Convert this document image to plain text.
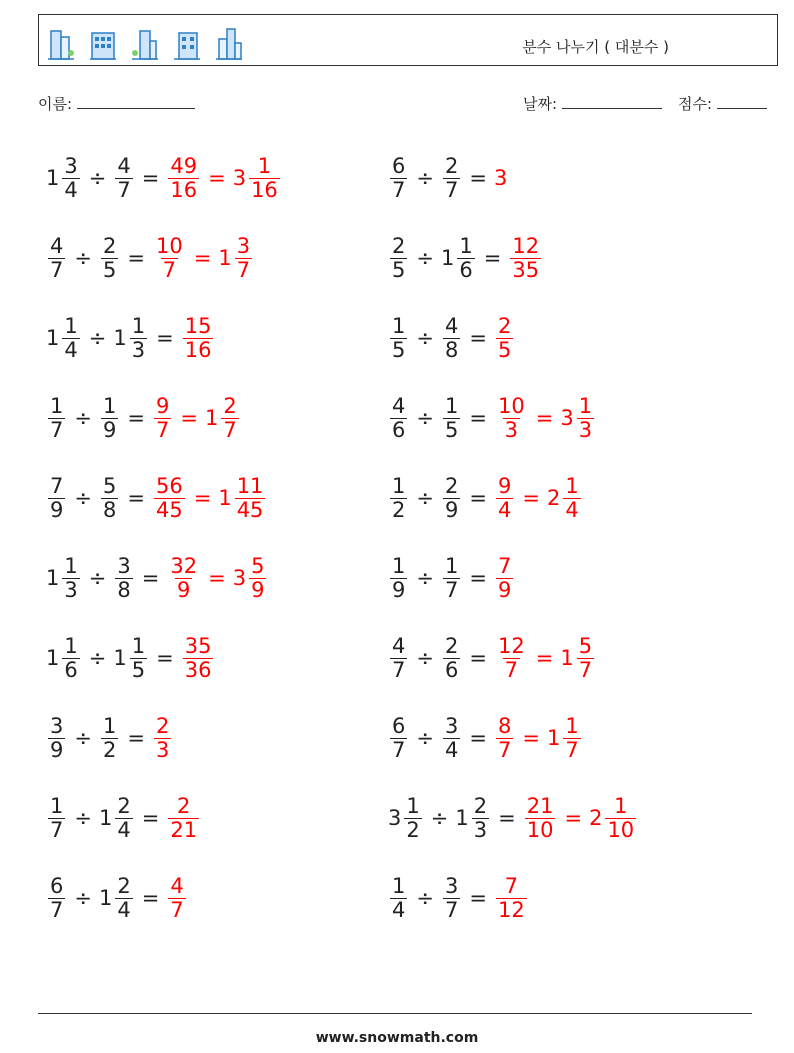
분수 나누기 ( 대분수 )
이름:	날짜:	점수:
$1 \frac{3}{4} \div \frac{4}{7} = \frac{49}{16} = 3 \frac{1}{16}$
$\frac{4}{7} \div \frac{2}{5} = \frac{10}{7} = 1 \frac{3}{7}$
$1 \frac{1}{4} \div 1 \frac{1}{3} = \frac{15}{16}$
$\frac{1}{7} \div \frac{1}{9} = \frac{9}{7} = 1 \frac{2}{7}$
$\frac{7}{9} \div \frac{5}{8} = \frac{56}{45} = 1 \frac{11}{45}$
$1 \frac{1}{3} \div \frac{3}{8} = \frac{32}{9} = 3 \frac{5}{9}$
$1 \frac{1}{6} \div 1 \frac{1}{5} = \frac{35}{36}$
$\frac{3}{9} \div \frac{1}{2} = \frac{2}{3}$
$\frac{1}{7} \div 1 \frac{2}{4} = \frac{2}{21}$
$\frac{6}{7} \div 1 \frac{2}{4} = \frac{4}{7}$
$\frac{6}{7} \div \frac{2}{7} = 3$
$\frac{2}{5} \div 1 \frac{1}{6} = \frac{12}{35}$
$\frac{1}{5} \div \frac{4}{8} = \frac{2}{5}$
$\frac{4}{6} \div \frac{1}{5} = \frac{10}{3} = 3 \frac{1}{3}$
$\frac{1}{2} \div \frac{2}{9} = \frac{9}{4} = 2 \frac{1}{4}$
$\frac{1}{9} \div \frac{1}{7} = \frac{7}{9}$
$\frac{4}{7} \div \frac{2}{6} = \frac{12}{7} = 1 \frac{5}{7}$
$\frac{6}{7} \div \frac{3}{4} = \frac{8}{7} = 1 \frac{1}{7}$
$3 \frac{1}{2} \div 1 \frac{2}{3} = \frac{21}{10} = 2 \frac{1}{10}$
$\frac{1}{4} \div \frac{3}{7} = \frac{7}{12}$
www.snowmath.com
